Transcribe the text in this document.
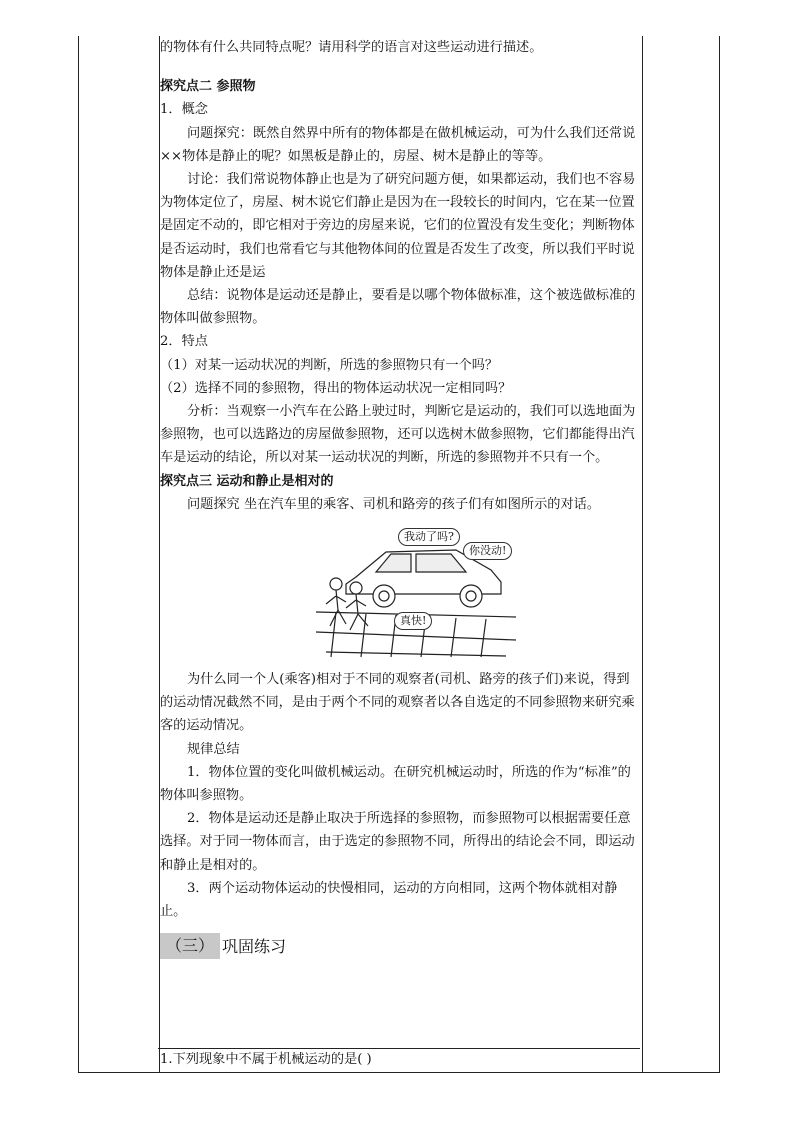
的物体有什么共同特点呢？请用科学的语言对这些运动进行描述。

探究点二 参照物

1．概念

问题探究：既然自然界中所有的物体都是在做机械运动，可为什么我们还常说××物体是静止的呢？如黑板是静止的，房屋、树木是静止的等等。

讨论：我们常说物体静止也是为了研究问题方便，如果都运动，我们也不容易为物体定位了，房屋、树木说它们静止是因为在一段较长的时间内，它在某一位置是固定不动的，即它相对于旁边的房屋来说，它们的位置没有发生变化；判断物体是否运动时，我们也常看它与其他物体间的位置是否发生了改变，所以我们平时说物体是静止还是运

总结：说物体是运动还是静止，要看是以哪个物体做标准，这个被选做标准的物体叫做参照物。

2．特点

（1）对某一运动状况的判断，所选的参照物只有一个吗？

（2）选择不同的参照物，得出的物体运动状况一定相同吗？

分析：当观察一小汽车在公路上驶过时，判断它是运动的，我们可以选地面为参照物，也可以选路边的房屋做参照物，还可以选树木做参照物，它们都能得出汽车是运动的结论，所以对某一运动状况的判断，所选的参照物并不只有一个。

探究点三 运动和静止是相对的

问题探究 坐在汽车里的乘客、司机和路旁的孩子们有如图所示的对话。

我动了吗?
你没动!
真快!

为什么同一个人(乘客)相对于不同的观察者(司机、路旁的孩子们)来说，得到的运动情况截然不同，是由于两个不同的观察者以各自选定的不同参照物来研究乘客的运动情况。

规律总结

1．物体位置的变化叫做机械运动。在研究机械运动时，所选的作为“标准”的物体叫参照物。

2．物体是运动还是静止取决于所选择的参照物，而参照物可以根据需要任意选择。对于同一物体而言，由于选定的参照物不同，所得出的结论会不同，即运动和静止是相对的。

3．两个运动物体运动的快慢相同，运动的方向相同，这两个物体就相对静止。

（三） 巩固练习
1.下列现象中不属于机械运动的是( )
